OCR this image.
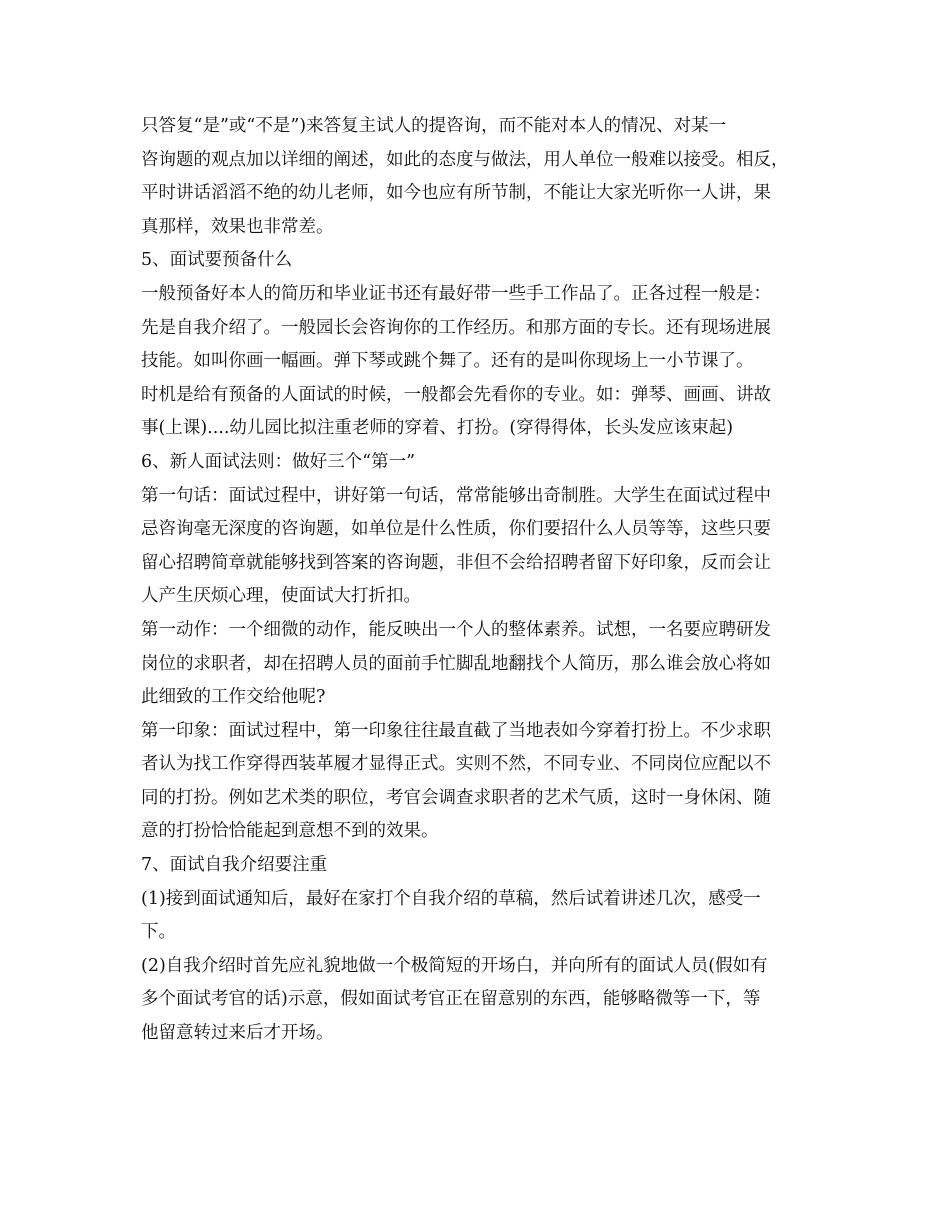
只答复“是”或“不是”)来答复主试人的提咨询，而不能对本人的情况、对某一
咨询题的观点加以详细的阐述，如此的态度与做法，用人单位一般难以接受。相反，
平时讲话滔滔不绝的幼儿老师，如今也应有所节制，不能让大家光听你一人讲，果
真那样，效果也非常差。
5、面试要预备什么
一般预备好本人的简历和毕业证书还有最好带一些手工作品了。正各过程一般是：
先是自我介绍了。一般园长会咨询你的工作经历。和那方面的专长。还有现场进展
技能。如叫你画一幅画。弹下琴或跳个舞了。还有的是叫你现场上一小节课了。
时机是给有预备的人面试的时候，一般都会先看你的专业。如：弹琴、画画、讲故
事(上课)....幼儿园比拟注重老师的穿着、打扮。(穿得得体，长头发应该束起)
6、新人面试法则：做好三个“第一”
第一句话：面试过程中，讲好第一句话，常常能够出奇制胜。大学生在面试过程中
忌咨询毫无深度的咨询题，如单位是什么性质，你们要招什么人员等等，这些只要
留心招聘简章就能够找到答案的咨询题，非但不会给招聘者留下好印象，反而会让
人产生厌烦心理，使面试大打折扣。
第一动作：一个细微的动作，能反映出一个人的整体素养。试想，一名要应聘研发
岗位的求职者，却在招聘人员的面前手忙脚乱地翻找个人简历，那么谁会放心将如
此细致的工作交给他呢?
第一印象：面试过程中，第一印象往往最直截了当地表如今穿着打扮上。不少求职
者认为找工作穿得西装革履才显得正式。实则不然，不同专业、不同岗位应配以不
同的打扮。例如艺术类的职位，考官会调查求职者的艺术气质，这时一身休闲、随
意的打扮恰恰能起到意想不到的效果。
7、面试自我介绍要注重
(1)接到面试通知后，最好在家打个自我介绍的草稿，然后试着讲述几次，感受一
下。
(2)自我介绍时首先应礼貌地做一个极简短的开场白，并向所有的面试人员(假如有
多个面试考官的话)示意，假如面试考官正在留意别的东西，能够略微等一下，等
他留意转过来后才开场。
